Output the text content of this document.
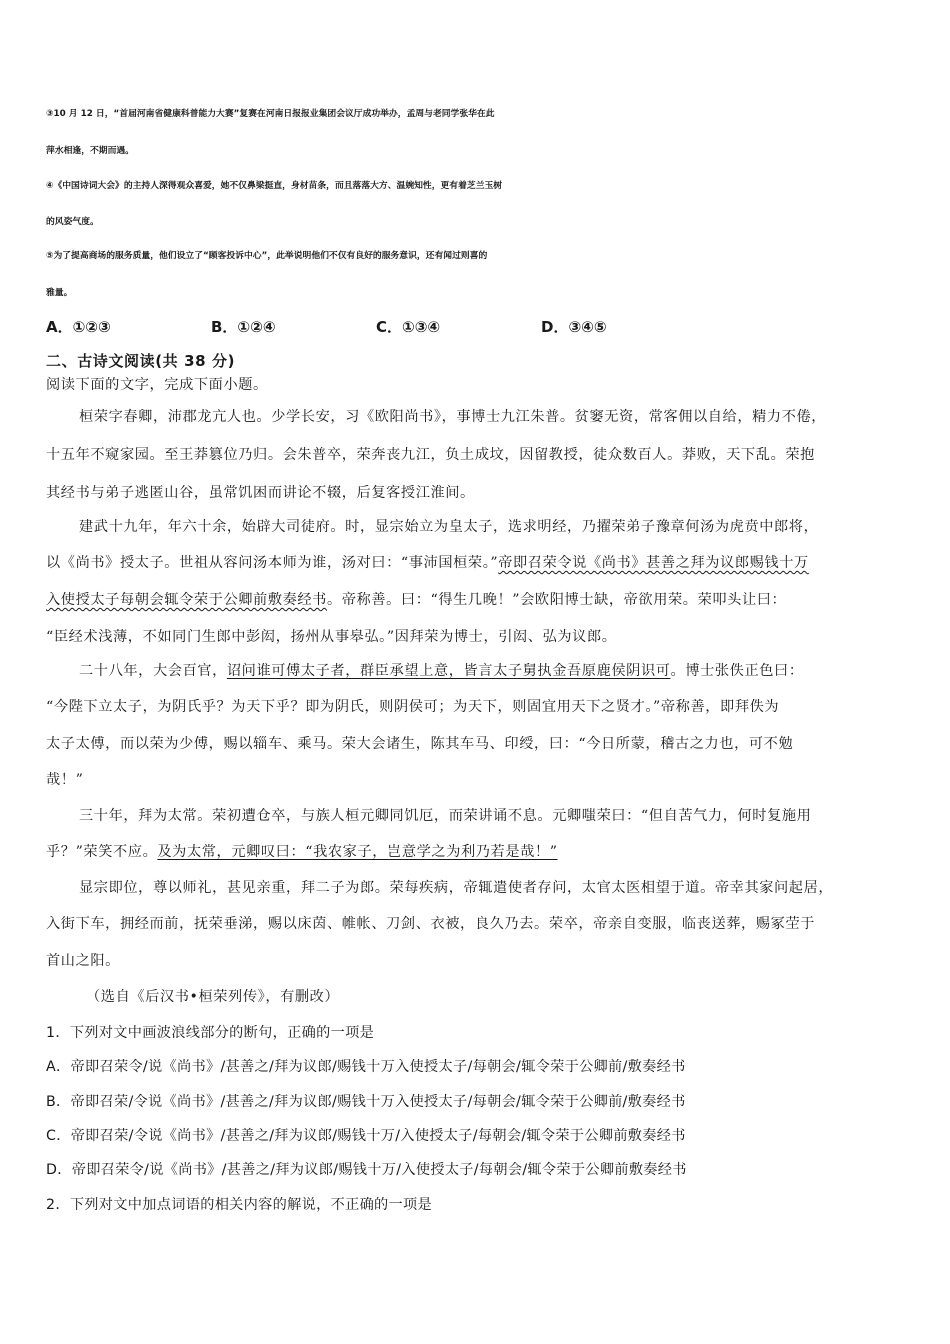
③10 月 12 日，“首届河南省健康科普能力大赛”复赛在河南日报报业集团会议厅成功举办，孟周与老同学张华在此
萍水相逢，不期而遇。
④《中国诗词大会》的主持人深得观众喜爱，她不仅鼻梁挺直，身材苗条，而且落落大方、温婉知性，更有着芝兰玉树
的风姿气度。
⑤为了提高商场的服务质量，他们设立了“顾客投诉中心”，此举说明他们不仅有良好的服务意识，还有闻过则喜的
雅量。
A．①②③	B．①②④	C．①③④	D．③④⑤
二、古诗文阅读(共 38 分)
阅读下面的文字，完成下面小题。
桓荣字春卿，沛郡龙亢人也。少学长安，习《欧阳尚书》，事博士九江朱普。贫窭无资，常客佣以自给，精力不倦，
十五年不窥家园。至王莽篡位乃归。会朱普卒，荣奔丧九江，负土成坟，因留教授，徒众数百人。莽败，天下乱。荣抱
其经书与弟子逃匿山谷，虽常饥困而讲论不辍，后复客授江淮间。
建武十九年，年六十余，始辟大司徒府。时，显宗始立为皇太子，选求明经，乃擢荣弟子豫章何汤为虎贲中郎将，
以《尚书》授太子。世祖从容问汤本师为谁，汤对曰：“事沛国桓荣。”帝即召荣令说《尚书》甚善之拜为议郎赐钱十万
入使授太子每朝会辄令荣于公卿前敷奏经书。帝称善。曰：“得生几晚！”会欧阳博士缺，帝欲用荣。荣叩头让曰：
“臣经术浅薄，不如同门生郎中彭闳，扬州从事皋弘。”因拜荣为博士，引闳、弘为议郎。
二十八年，大会百官，诏问谁可傅太子者，群臣承望上意，皆言太子舅执金吾原鹿侯阴识可。博士张佚正色曰：
“今陛下立太子，为阴氏乎？为天下乎？即为阴氏，则阴侯可；为天下，则固宜用天下之贤才。”帝称善，即拜佚为
太子太傅，而以荣为少傅，赐以辎车、乘马。荣大会诸生，陈其车马、印绶，曰：“今日所蒙，稽古之力也，可不勉
哉！”
三十年，拜为太常。荣初遭仓卒，与族人桓元卿同饥厄，而荣讲诵不息。元卿嗤荣曰：“但自苦气力，何时复施用
乎？”荣笑不应。及为太常，元卿叹曰：“我农家子，岂意学之为利乃若是哉！”
显宗即位，尊以师礼，甚见亲重，拜二子为郎。荣每疾病，帝辄遣使者存问，太官太医相望于道。帝幸其家问起居，
入街下车，拥经而前，抚荣垂涕，赐以床茵、帷帐、刀剑、衣被，良久乃去。荣卒，帝亲自变服，临丧送葬，赐冢茔于
首山之阳。
（选自《后汉书•桓荣列传》，有删改）
1．下列对文中画波浪线部分的断句，正确的一项是
A．帝即召荣令/说《尚书》/甚善之/拜为议郎/赐钱十万入使授太子/每朝会/辄令荣于公卿前/敷奏经书
B．帝即召荣/令说《尚书》/甚善之/拜为议郎/赐钱十万入使授太子/每朝会/辄令荣于公卿前/敷奏经书
C．帝即召荣/令说《尚书》/甚善之/拜为议郎/赐钱十万/入使授太子/每朝会/辄令荣于公卿前敷奏经书
D．帝即召荣令/说《尚书》/甚善之/拜为议郎/赐钱十万/入使授太子/每朝会/辄令荣于公卿前敷奏经书
2．下列对文中加点词语的相关内容的解说，不正确的一项是
